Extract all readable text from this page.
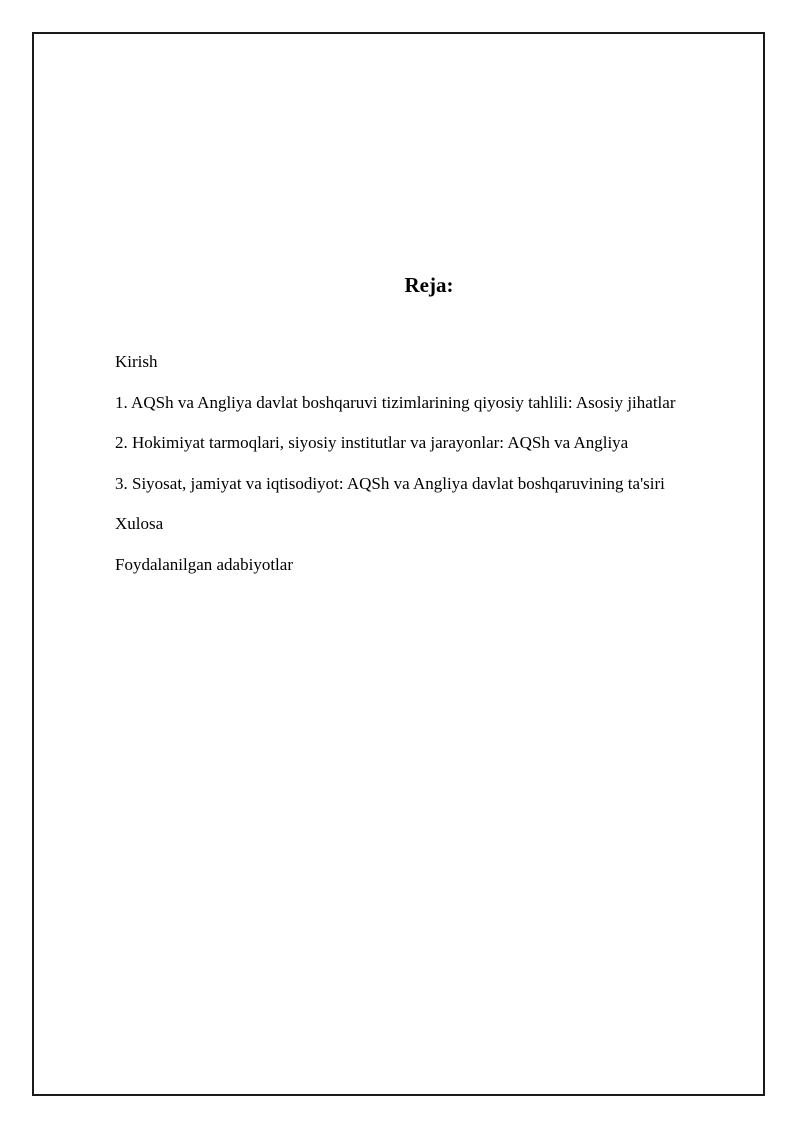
Reja:
Kirish
1. AQSh va Angliya davlat boshqaruvi tizimlarining qiyosiy tahlili: Asosiy jihatlar
2. Hokimiyat tarmoqlari, siyosiy institutlar va jarayonlar: AQSh va Angliya
3. Siyosat, jamiyat va iqtisodiyot: AQSh va Angliya davlat boshqaruvining ta'siri
Xulosa
Foydalanilgan adabiyotlar
